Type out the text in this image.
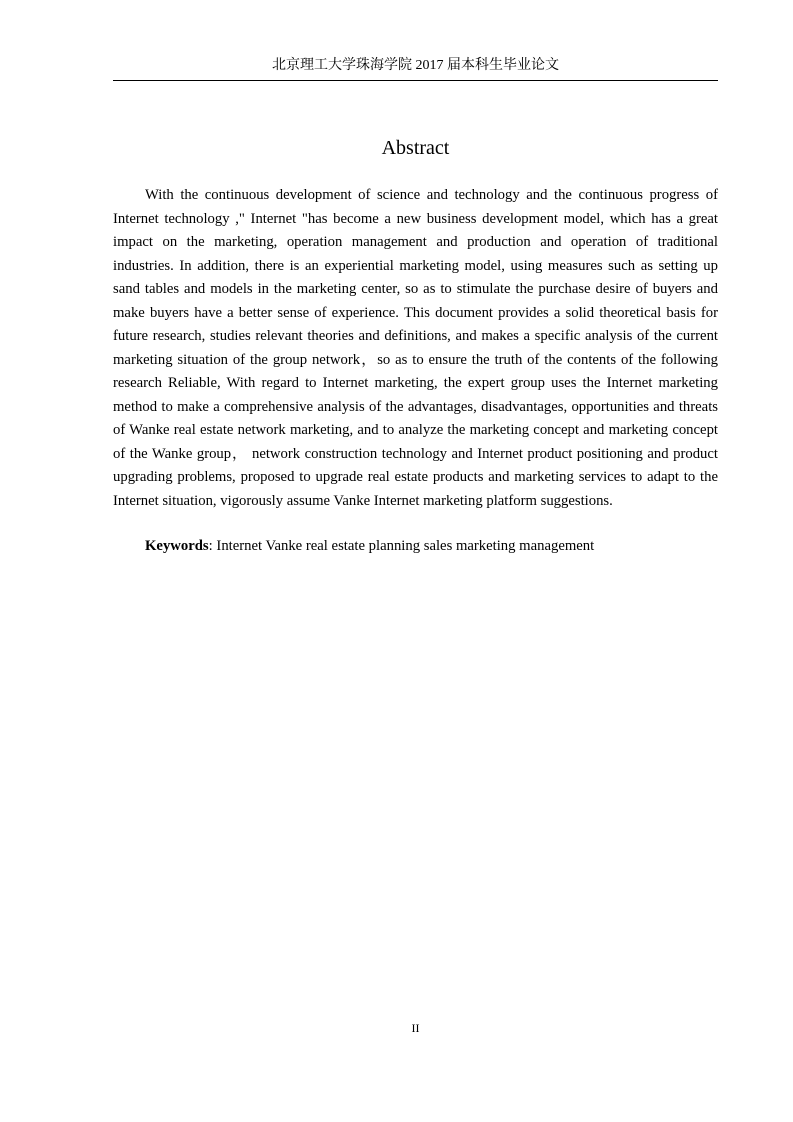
北京理工大学珠海学院 2017 届本科生毕业论文
Abstract

With the continuous development of science and technology and the continuous progress of Internet technology ," Internet "has become a new business development model, which has a great impact on the marketing, operation management and production and operation of traditional industries. In addition, there is an experiential marketing model, using measures such as setting up sand tables and models in the marketing center, so as to stimulate the purchase desire of buyers and make buyers have a better sense of experience. This document provides a solid theoretical basis for future research, studies relevant theories and definitions, and makes a specific analysis of the current marketing situation of the group network，so as to ensure the truth of the contents of the following research Reliable, With regard to Internet marketing, the expert group uses the Internet marketing method to make a comprehensive analysis of the advantages, disadvantages, opportunities and threats of Wanke real estate network marketing, and to analyze the marketing concept and marketing concept of the Wanke group， network construction technology and Internet product positioning and product upgrading problems, proposed to upgrade real estate products and marketing services to adapt to the Internet situation, vigorously assume Vanke Internet marketing platform suggestions.

Keywords: Internet Vanke real estate planning sales marketing management

II
